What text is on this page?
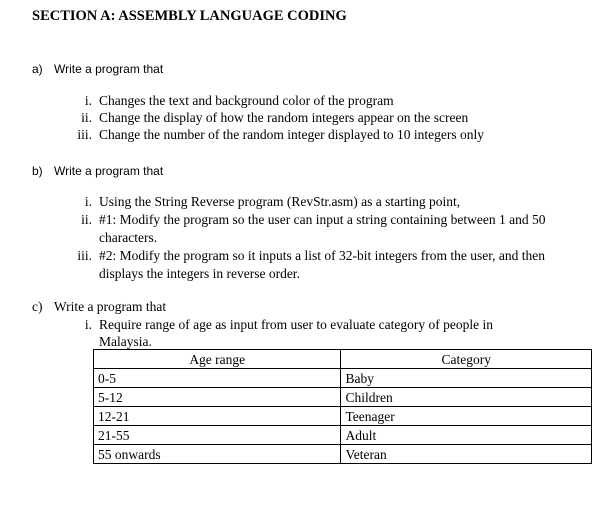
SECTION A: ASSEMBLY LANGUAGE CODING
a) Write a program that
i. Changes the text and background color of the program
ii. Change the display of how the random integers appear on the screen
iii. Change the number of the random integer displayed to 10 integers only
b) Write a program that
i. Using the String Reverse program (RevStr.asm) as a starting point,
ii. #1: Modify the program so the user can input a string containing between 1 and 50
characters.
iii. #2: Modify the program so it inputs a list of 32-bit integers from the user, and then
displays the integers in reverse order.
c) Write a program that
i. Require range of age as input from user to evaluate category of people in
Malaysia.
Age range	Category
0-5	Baby
5-12	Children
12-21	Teenager
21-55	Adult
55 onwards	Veteran
